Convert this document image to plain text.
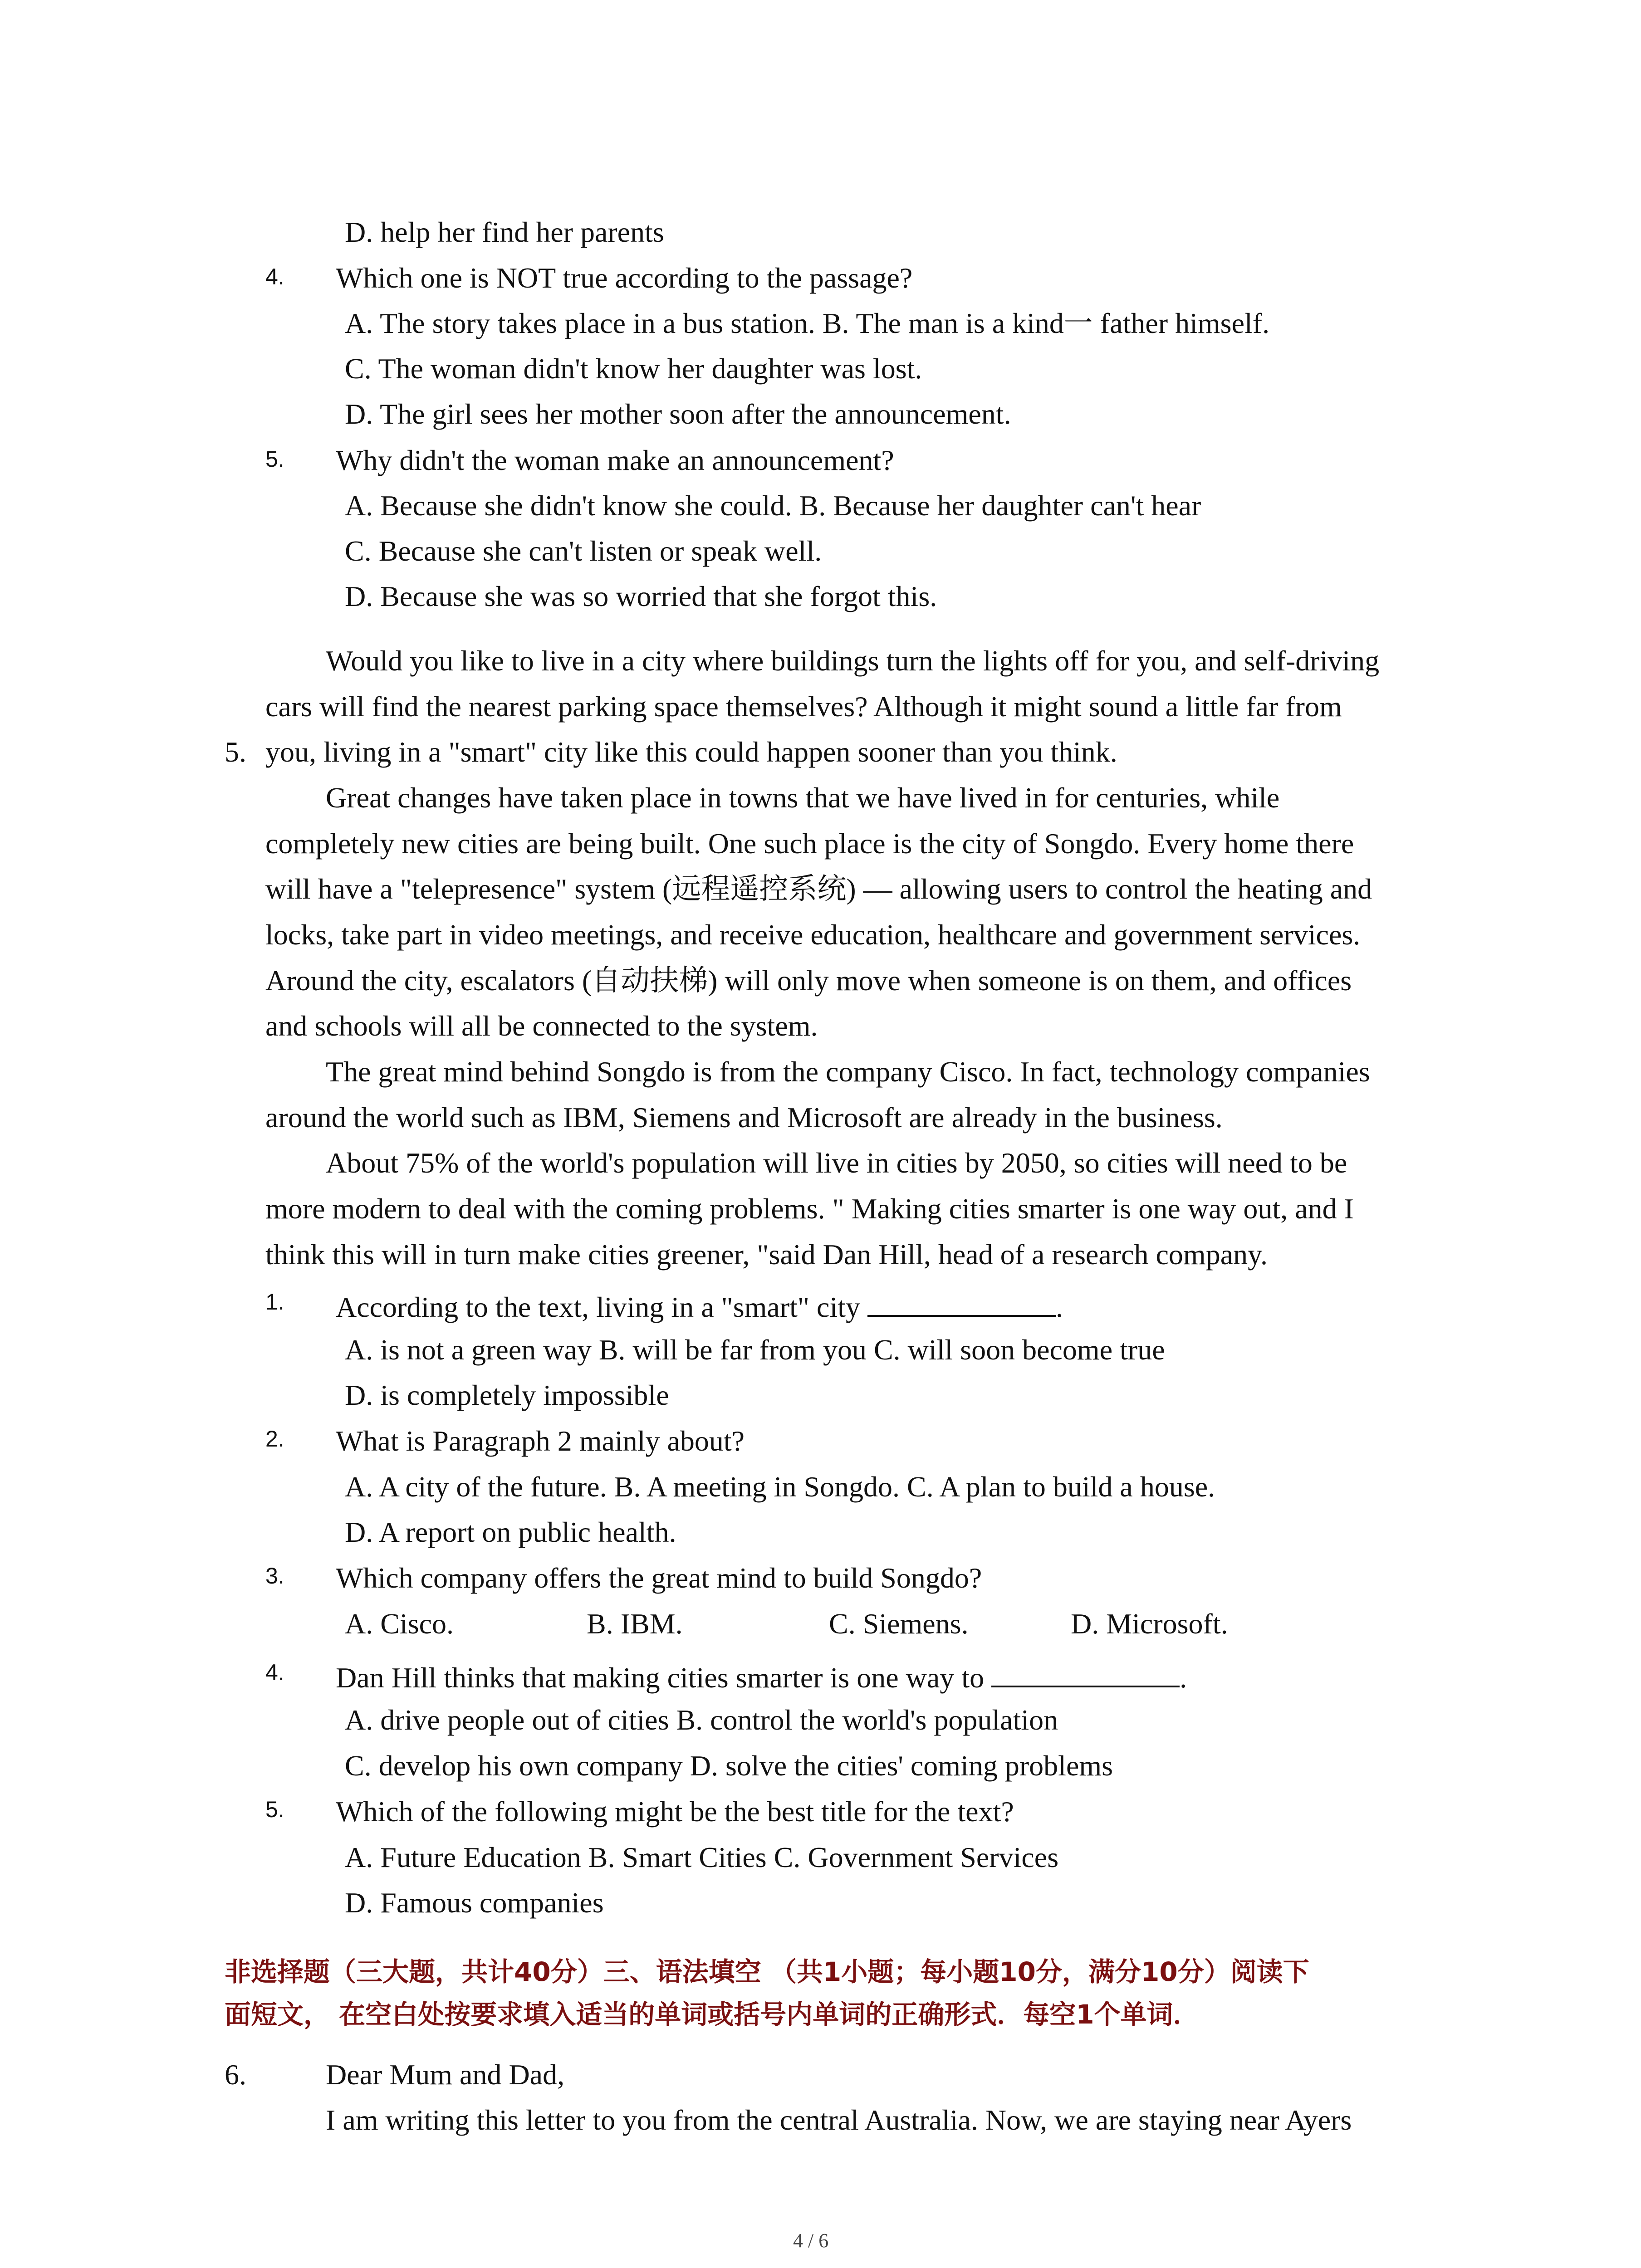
D. help her find her parents
4. Which one is NOT true according to the passage?
A. The story takes place in a bus station. B. The man is a kind一 father himself.
C. The woman didn't know her daughter was lost.
D. The girl sees her mother soon after the announcement.
5. Why didn't the woman make an announcement?
A. Because she didn't know she could. B. Because her daughter can't hear
C. Because she can't listen or speak well.
D. Because she was so worried that she forgot this.
Would you like to live in a city where buildings turn the lights off for you, and self-driving
cars will find the nearest parking space themselves? Although it might sound a little far from
5. you, living in a "smart" city like this could happen sooner than you think.
Great changes have taken place in towns that we have lived in for centuries, while
completely new cities are being built. One such place is the city of Songdo. Every home there
will have a "telepresence" system (远程遥控系统) — allowing users to control the heating and
locks, take part in video meetings, and receive education, healthcare and government services.
Around the city, escalators (自动扶梯) will only move when someone is on them, and offices
and schools will all be connected to the system.
The great mind behind Songdo is from the company Cisco. In fact, technology companies
around the world such as IBM, Siemens and Microsoft are already in the business.
About 75% of the world's population will live in cities by 2050, so cities will need to be
more modern to deal with the coming problems. " Making cities smarter is one way out, and I
think this will in turn make cities greener, "said Dan Hill, head of a research company.
1. According to the text, living in a "smart" city	.
A. is not a green way B. will be far from you C. will soon become true
D. is completely impossible
2. What is Paragraph 2 mainly about?
A. A city of the future. B. A meeting in Songdo. C. A plan to build a house.
D. A report on public health.
3. Which company offers the great mind to build Songdo?
A. Cisco.	B. IBM.	C. Siemens.	D. Microsoft.
4. Dan Hill thinks that making cities smarter is one way to	.
A. drive people out of cities B. control the world's population
C. develop his own company D. solve the cities' coming problems
5. Which of the following might be the best title for the text?
A. Future Education B. Smart Cities C. Government Services
D. Famous companies
非选择题（三大题，共计40分）三、语法填空 （共1小题；每小题10分，满分10分）阅读下
面短文， 在空白处按要求填入适当的单词或括号内单词的正确形式．每空1个单词．
6.	Dear Mum and Dad,
I am writing this letter to you from the central Australia. Now, we are staying near Ayers
4 / 6
